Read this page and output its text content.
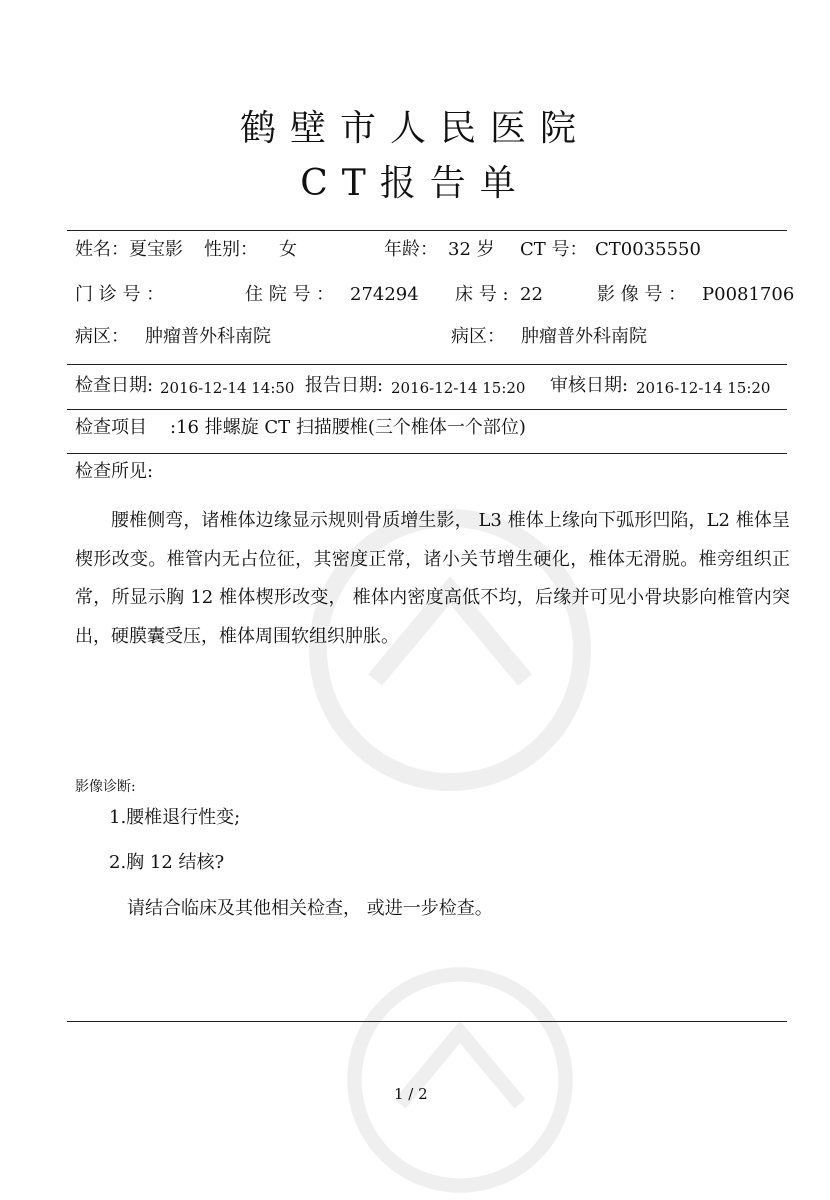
鹤壁市人民医院
CT报告单
姓名： 夏宝影 性别： 女	年龄： 32 岁 CT 号： CT0035550
门 诊 号 ：	住 院 号 ： 274294 床 号 : 22	影 像 号 ： P0081706
病区： 肿瘤普外科南院	病区： 肿瘤普外科南院
检查日期: 2016-12-14 14:50 报告日期: 2016-12-14 15:20 审核日期: 2016-12-14 15:20
检查项目 :16 排螺旋 CT 扫描腰椎(三个椎体一个部位)
检查所见:

腰椎侧弯，诸椎体边缘显示规则骨质增生影， L3 椎体上缘向下弧形凹陷，L2 椎体呈楔形改变。椎管内无占位征，其密度正常，诸小关节增生硬化，椎体无滑脱。椎旁组织正常，所显示胸 12 椎体楔形改变， 椎体内密度高低不均，后缘并可见小骨块影向椎管内突出，硬膜囊受压，椎体周围软组织肿胀。

影像诊断:
1.腰椎退行性变;
2.胸 12 结核?
请结合临床及其他相关检查， 或进一步检查。
1 / 2
